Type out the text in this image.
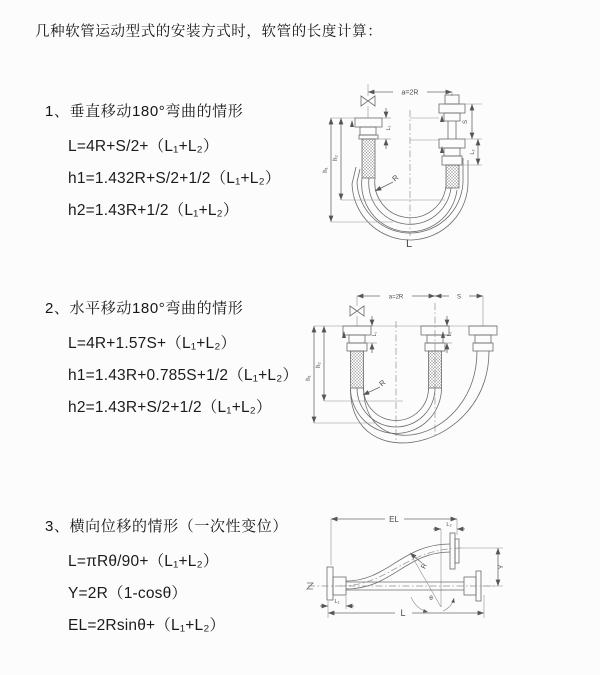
几种软管运动型式的安装方式时，软管的长度计算：
1、垂直移动180°弯曲的情形
L=4R+S/2+（L₁+L₂）
h1=1.432R+S/2+1/2（L₁+L₂）
h2=1.43R+1/2（L₁+L₂）
2、水平移动180°弯曲的情形
L=4R+1.57S+（L₁+L₂）
h1=1.43R+0.785S+1/2（L₁+L₂）
h2=1.43R+S/2+1/2（L₁+L₂）
3、横向位移的情形（一次性变位）
L=πRθ/90+（L₁+L₂）
Y=2R（1-cosθ）
EL=2Rsinθ+（L₁+L₂）
a=2R
h₁
h₂
L₁
S
L₂
R
L
a=2R	S
h₁
h₂
L₁	L₂
R
EL
L₂
R
θ
Y
L
L₁
